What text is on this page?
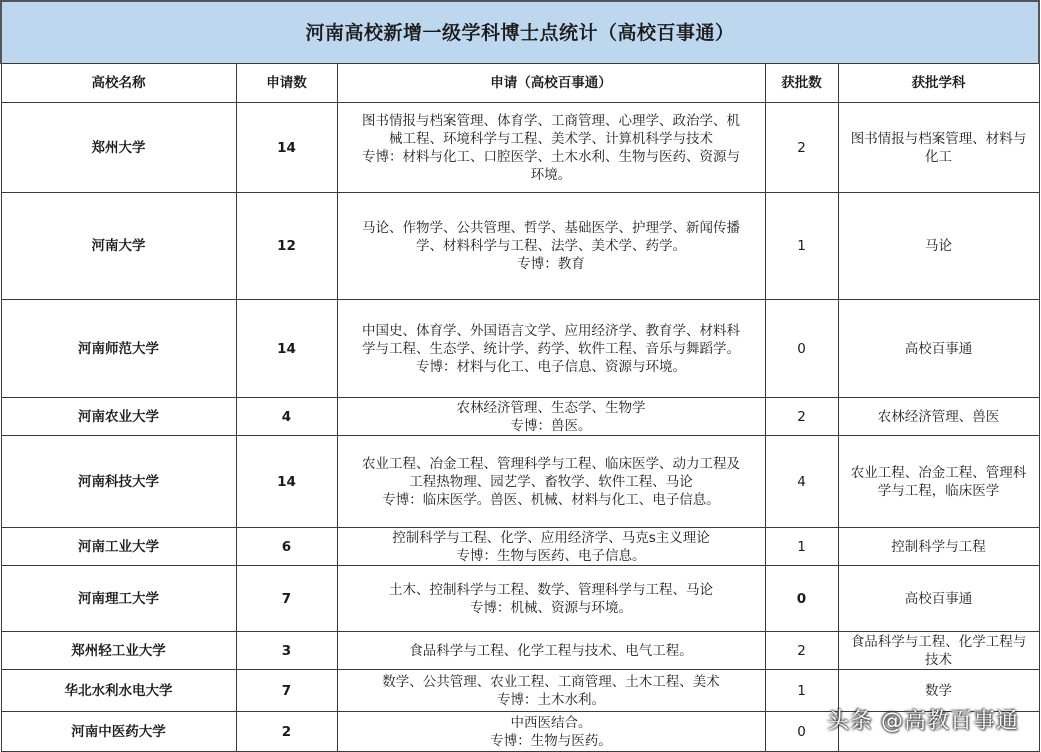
河南高校新增一级学科博士点统计（高校百事通）				
高校名称	申请数	申请（高校百事通）	获批数	获批学科
郑州大学	14	图书情报与档案管理、体育学、工商管理、心理学、政治学、机
械工程、环境科学与工程、美术学、计算机科学与技术
专博：材料与化工、口腔医学、土木水利、生物与医药、资源与
环境。	2	图书情报与档案管理、材料与
化工

河南大学	12	马论、作物学、公共管理、哲学、基础医学、护理学、新闻传播
学、材料科学与工程、法学、美术学、药学。
专博：教育	1	马论

河南师范大学	14	中国史、体育学、外国语言文学、应用经济学、教育学、材料科
学与工程、生态学、统计学、药学、软件工程、音乐与舞蹈学。
专博：材料与化工、电子信息、资源与环境。	0	高校百事通

河南农业大学	4	农林经济管理、生态学、生物学
专博：兽医。	2	农林经济管理、兽医

河南科技大学	14	农业工程、冶金工程、管理科学与工程、临床医学、动力工程及
工程热物理、园艺学、畜牧学、软件工程、马论
专博：临床医学。兽医、机械、材料与化工、电子信息。	4	农业工程、冶金工程、管理科
学与工程，临床医学

河南工业大学	6	控制科学与工程、化学、应用经济学、马克s主义理论
专博：生物与医药、电子信息。	1	控制科学与工程

河南理工大学	7	土木、控制科学与工程、数学、管理科学与工程、马论
专博：机械、资源与环境。	0	高校百事通

郑州轻工业大学	3	食品科学与工程、化学工程与技术、电气工程。	2	食品科学与工程、化学工程与
技术

华北水利水电大学	7	数学、公共管理、农业工程、工商管理、土木工程、美术
专博：土木水利。	1	数学

河南中医药大学	2	中西医结合。
专博：生物与医药。	0	头条 @高教百事通
